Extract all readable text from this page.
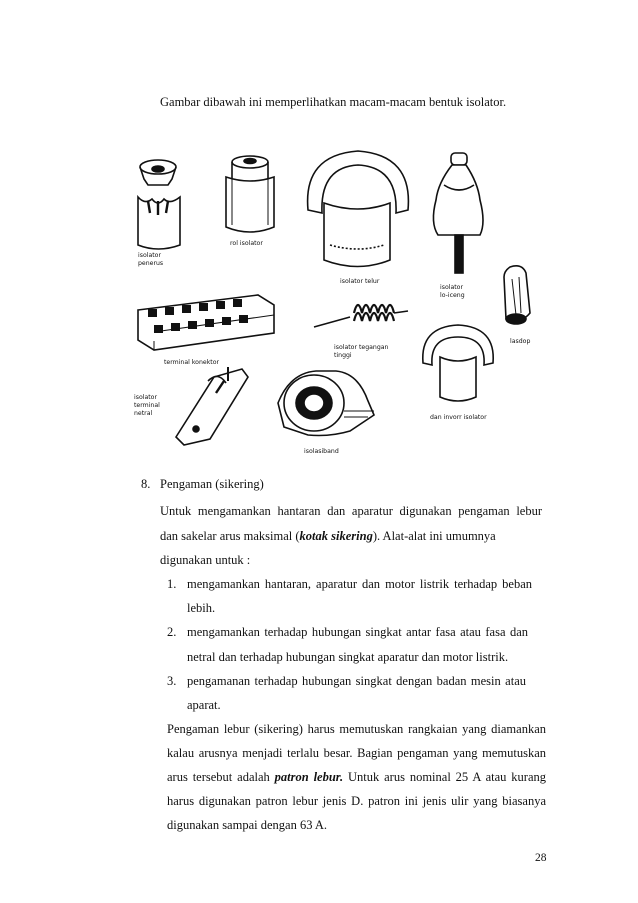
Gambar dibawah ini memperlihatkan macam-macam bentuk isolator.
isolator
penerus
rol isolator
isolator telur
isolator
lo-iceng
terminal konektor
isolator tegangan
tinggi
lasdop
isolator
terminal
netral
isolasiband
dan invorr isolator
8. Pengaman (sikering)
Untuk mengamankan hantaran dan aparatur digunakan pengaman lebur
dan sakelar arus maksimal (kotak sikering). Alat-alat ini umumnya
digunakan untuk :
1. mengamankan hantaran, aparatur dan motor listrik terhadap beban
lebih.
2. mengamankan terhadap hubungan singkat antar fasa atau fasa dan
netral dan terhadap hubungan singkat aparatur dan motor listrik.
3. pengamanan terhadap hubungan singkat dengan badan mesin atau
aparat.
Pengaman lebur (sikering) harus memutuskan rangkaian yang diamankan
kalau arusnya menjadi terlalu besar. Bagian pengaman yang memutuskan
arus tersebut adalah patron lebur. Untuk arus nominal 25 A atau kurang
harus digunakan patron lebur jenis D. patron ini jenis ulir yang biasanya
digunakan sampai dengan 63 A.
28
